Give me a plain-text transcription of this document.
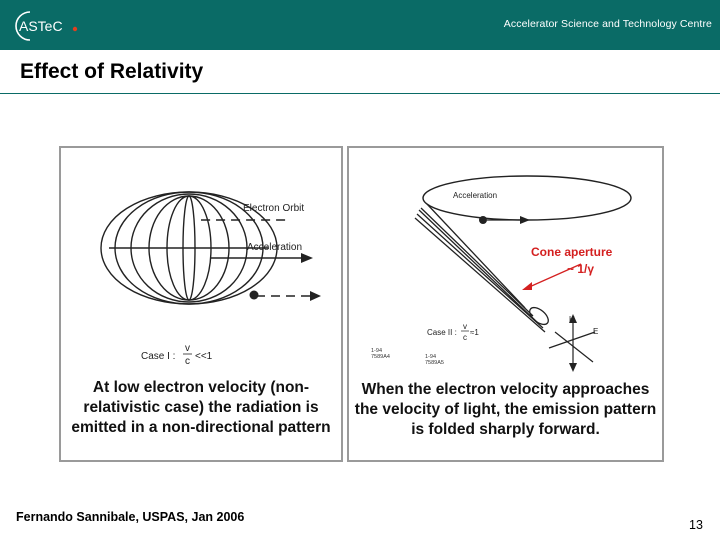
ASTeC	Accelerator Science and Technology Centre
Effect of Relativity
Electron Orbit
Acceleration
Case I :
v
c <<1
At low electron velocity (non-relativistic case) the radiation is emitted in a non-directional pattern
Acceleration
Cone aperture
~ 1/γ
H
E
Case II :
v
c
≈1
1-94
7589A4	1-94
7589A5
When the electron velocity approaches the velocity of light, the emission pattern is folded sharply forward.
Fernando Sannibale, USPAS, Jan 2006
13
